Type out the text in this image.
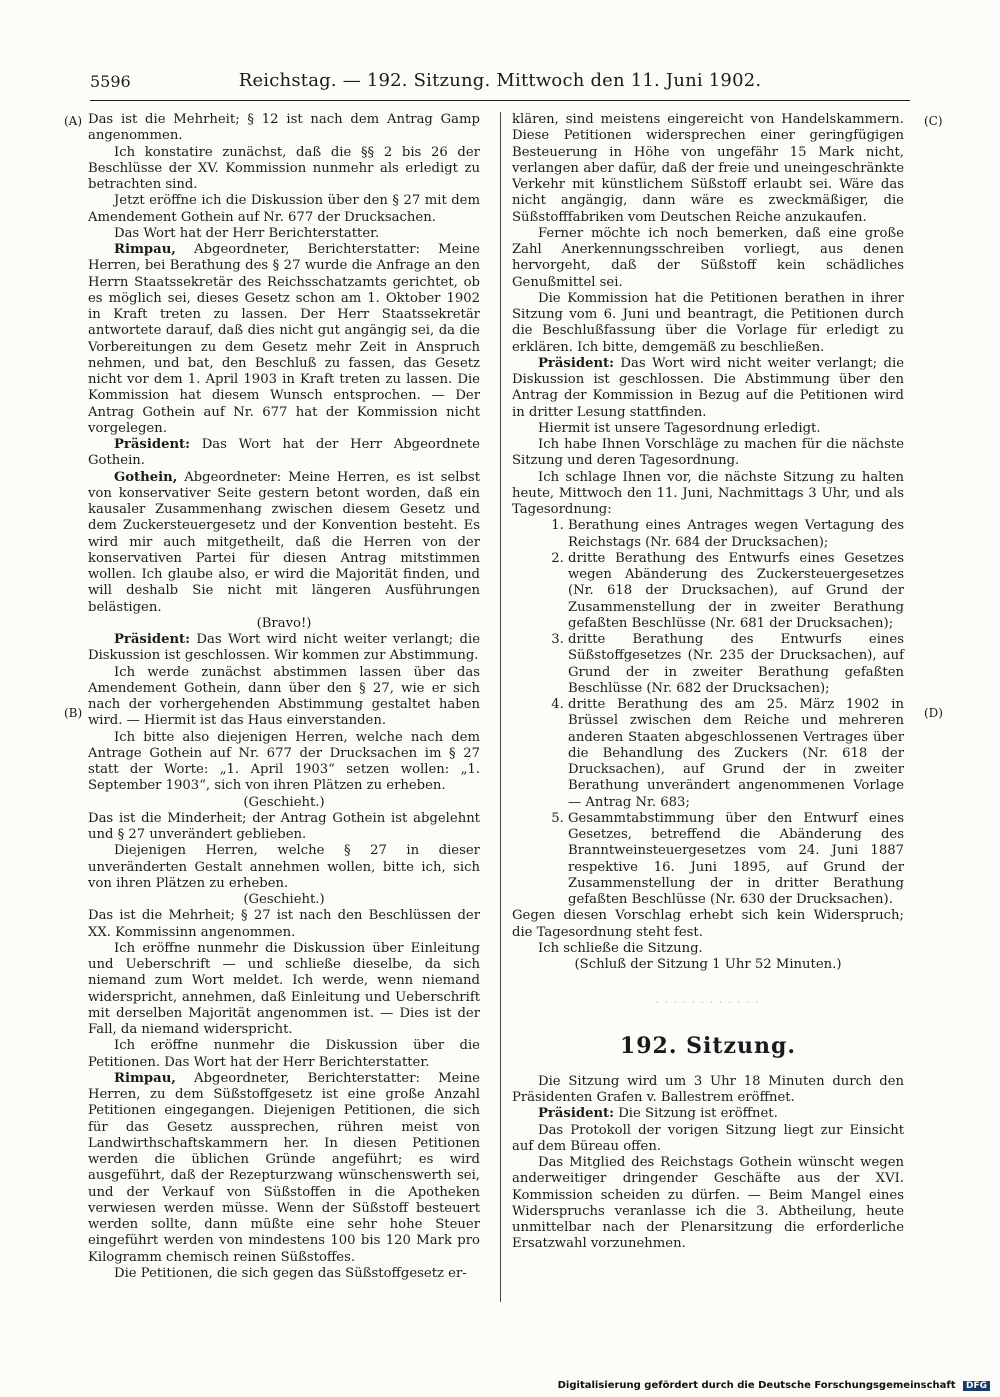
5596	Reichstag. — 192. Sitzung. Mittwoch den 11. Juni 1902.
(A)
(B)
(C)
(D)

Das ist die Mehrheit; § 12 ist nach dem Antrag Gamp angenommen.

Ich konstatire zunächst, daß die §§ 2 bis 26 der Beschlüsse der XV. Kommission nunmehr als erledigt zu betrachten sind.

Jetzt eröffne ich die Diskussion über den § 27 mit dem Amendement Gothein auf Nr. 677 der Drucksachen.

Das Wort hat der Herr Berichterstatter.

Rimpau, Abgeordneter, Berichterstatter: Meine Herren, bei Berathung des § 27 wurde die Anfrage an den Herrn Staatssekretär des Reichsschatzamts gerichtet, ob es möglich sei, dieses Gesetz schon am 1. Oktober 1902 in Kraft treten zu lassen. Der Herr Staatssekretär antwortete darauf, daß dies nicht gut angängig sei, da die Vorbereitungen zu dem Gesetz mehr Zeit in Anspruch nehmen, und bat, den Beschluß zu fassen, das Gesetz nicht vor dem 1. April 1903 in Kraft treten zu lassen. Die Kommission hat diesem Wunsch entsprochen. — Der Antrag Gothein auf Nr. 677 hat der Kommission nicht vorgelegen.

Präsident: Das Wort hat der Herr Abgeordnete Gothein.

Gothein, Abgeordneter: Meine Herren, es ist selbst von konservativer Seite gestern betont worden, daß ein kausaler Zusammenhang zwischen diesem Gesetz und dem Zuckersteuergesetz und der Konvention besteht. Es wird mir auch mitgetheilt, daß die Herren von der konservativen Partei für diesen Antrag mitstimmen wollen. Ich glaube also, er wird die Majorität finden, und will deshalb Sie nicht mit längeren Ausführungen belästigen.

(Bravo!)

Präsident: Das Wort wird nicht weiter verlangt; die Diskussion ist geschlossen. Wir kommen zur Abstimmung.

Ich werde zunächst abstimmen lassen über das Amendement Gothein, dann über den § 27, wie er sich nach der vorhergehenden Abstimmung gestaltet haben wird. — Hiermit ist das Haus einverstanden.

Ich bitte also diejenigen Herren, welche nach dem Antrage Gothein auf Nr. 677 der Drucksachen im § 27 statt der Worte: „1. April 1903“ setzen wollen: „1. September 1903“, sich von ihren Plätzen zu erheben.

(Geschieht.)

Das ist die Minderheit; der Antrag Gothein ist abgelehnt und § 27 unverändert geblieben.

Diejenigen Herren, welche § 27 in dieser unveränderten Gestalt annehmen wollen, bitte ich, sich von ihren Plätzen zu erheben.

(Geschieht.)

Das ist die Mehrheit; § 27 ist nach den Beschlüssen der XX. Kommissinn angenommen.

Ich eröffne nunmehr die Diskussion über Einleitung und Ueberschrift — und schließe dieselbe, da sich niemand zum Wort meldet. Ich werde, wenn niemand widerspricht, annehmen, daß Einleitung und Ueberschrift mit derselben Majorität angenommen ist. — Dies ist der Fall, da niemand widerspricht.

Ich eröffne nunmehr die Diskussion über die Petitionen. Das Wort hat der Herr Berichterstatter.

Rimpau, Abgeordneter, Berichterstatter: Meine Herren, zu dem Süßstoffgesetz ist eine große Anzahl Petitionen eingegangen. Diejenigen Petitionen, die sich für das Gesetz aussprechen, rühren meist von Landwirthschaftskammern her. In diesen Petitionen werden die üblichen Gründe angeführt; es wird ausgeführt, daß der Rezepturzwang wünschenswerth sei, und der Verkauf von Süßstoffen in die Apotheken verwiesen werden müsse. Wenn der Süßstoff besteuert werden sollte, dann müßte eine sehr hohe Steuer eingeführt werden von mindestens 100 bis 120 Mark pro Kilogramm chemisch reinen Süßstoffes.

Die Petitionen, die sich gegen das Süßstoffgesetz er-

klären, sind meistens eingereicht von Handelskammern. Diese Petitionen widersprechen einer geringfügigen Besteuerung in Höhe von ungefähr 15 Mark nicht, verlangen aber dafür, daß der freie und uneingeschränkte Verkehr mit künstlichem Süßstoff erlaubt sei. Wäre das nicht angängig, dann wäre es zweckmäßiger, die Süßstofffabriken vom Deutschen Reiche anzukaufen.

Ferner möchte ich noch bemerken, daß eine große Zahl Anerkennungsschreiben vorliegt, aus denen hervorgeht, daß der Süßstoff kein schädliches Genußmittel sei.

Die Kommission hat die Petitionen berathen in ihrer Sitzung vom 6. Juni und beantragt, die Petitionen durch die Beschlußfassung über die Vorlage für erledigt zu erklären. Ich bitte, demgemäß zu beschließen.

Präsident: Das Wort wird nicht weiter verlangt; die Diskussion ist geschlossen. Die Abstimmung über den Antrag der Kommission in Bezug auf die Petitionen wird in dritter Lesung stattfinden.

Hiermit ist unsere Tagesordnung erledigt.

Ich habe Ihnen Vorschläge zu machen für die nächste Sitzung und deren Tagesordnung.

Ich schlage Ihnen vor, die nächste Sitzung zu halten heute, Mittwoch den 11. Juni, Nachmittags 3 Uhr, und als Tagesordnung:

1. Berathung eines Antrages wegen Vertagung des Reichstags (Nr. 684 der Drucksachen);
2. dritte Berathung des Entwurfs eines Gesetzes wegen Abänderung des Zuckersteuergesetzes (Nr. 618 der Drucksachen), auf Grund der Zusammenstellung der in zweiter Berathung gefaßten Beschlüsse (Nr. 681 der Drucksachen);
3. dritte Berathung des Entwurfs eines Süßstoffgesetzes (Nr. 235 der Drucksachen), auf Grund der in zweiter Berathung gefaßten Beschlüsse (Nr. 682 der Drucksachen);
4. dritte Berathung des am 25. März 1902 in Brüssel zwischen dem Reiche und mehreren anderen Staaten abgeschlossenen Vertrages über die Behandlung des Zuckers (Nr. 618 der Drucksachen), auf Grund der in zweiter Berathung unverändert angenommenen Vorlage — Antrag Nr. 683;
5. Gesammtabstimmung über den Entwurf eines Gesetzes, betreffend die Abänderung des Branntweinsteuergesetzes vom 24. Juni 1887 respektive 16. Juni 1895, auf Grund der Zusammenstellung der in dritter Berathung gefaßten Beschlüsse (Nr. 630 der Drucksachen).

Gegen diesen Vorschlag erhebt sich kein Widerspruch; die Tagesordnung steht fest.

Ich schließe die Sitzung.

(Schluß der Sitzung 1 Uhr 52 Minuten.)

· · · · · · · · · · · ·
192. Sitzung.

Die Sitzung wird um 3 Uhr 18 Minuten durch den Präsidenten Grafen v. Ballestrem eröffnet.

Präsident: Die Sitzung ist eröffnet.

Das Protokoll der vorigen Sitzung liegt zur Einsicht auf dem Büreau offen.

Das Mitglied des Reichstags Gothein wünscht wegen anderweitiger dringender Geschäfte aus der XVI. Kommission scheiden zu dürfen. — Beim Mangel eines Widerspruchs veranlasse ich die 3. Abtheilung, heute unmittelbar nach der Plenarsitzung die erforderliche Ersatzwahl vorzunehmen.

Digitalisierung gefördert durch die Deutsche Forschungsgemeinschaft DFG
